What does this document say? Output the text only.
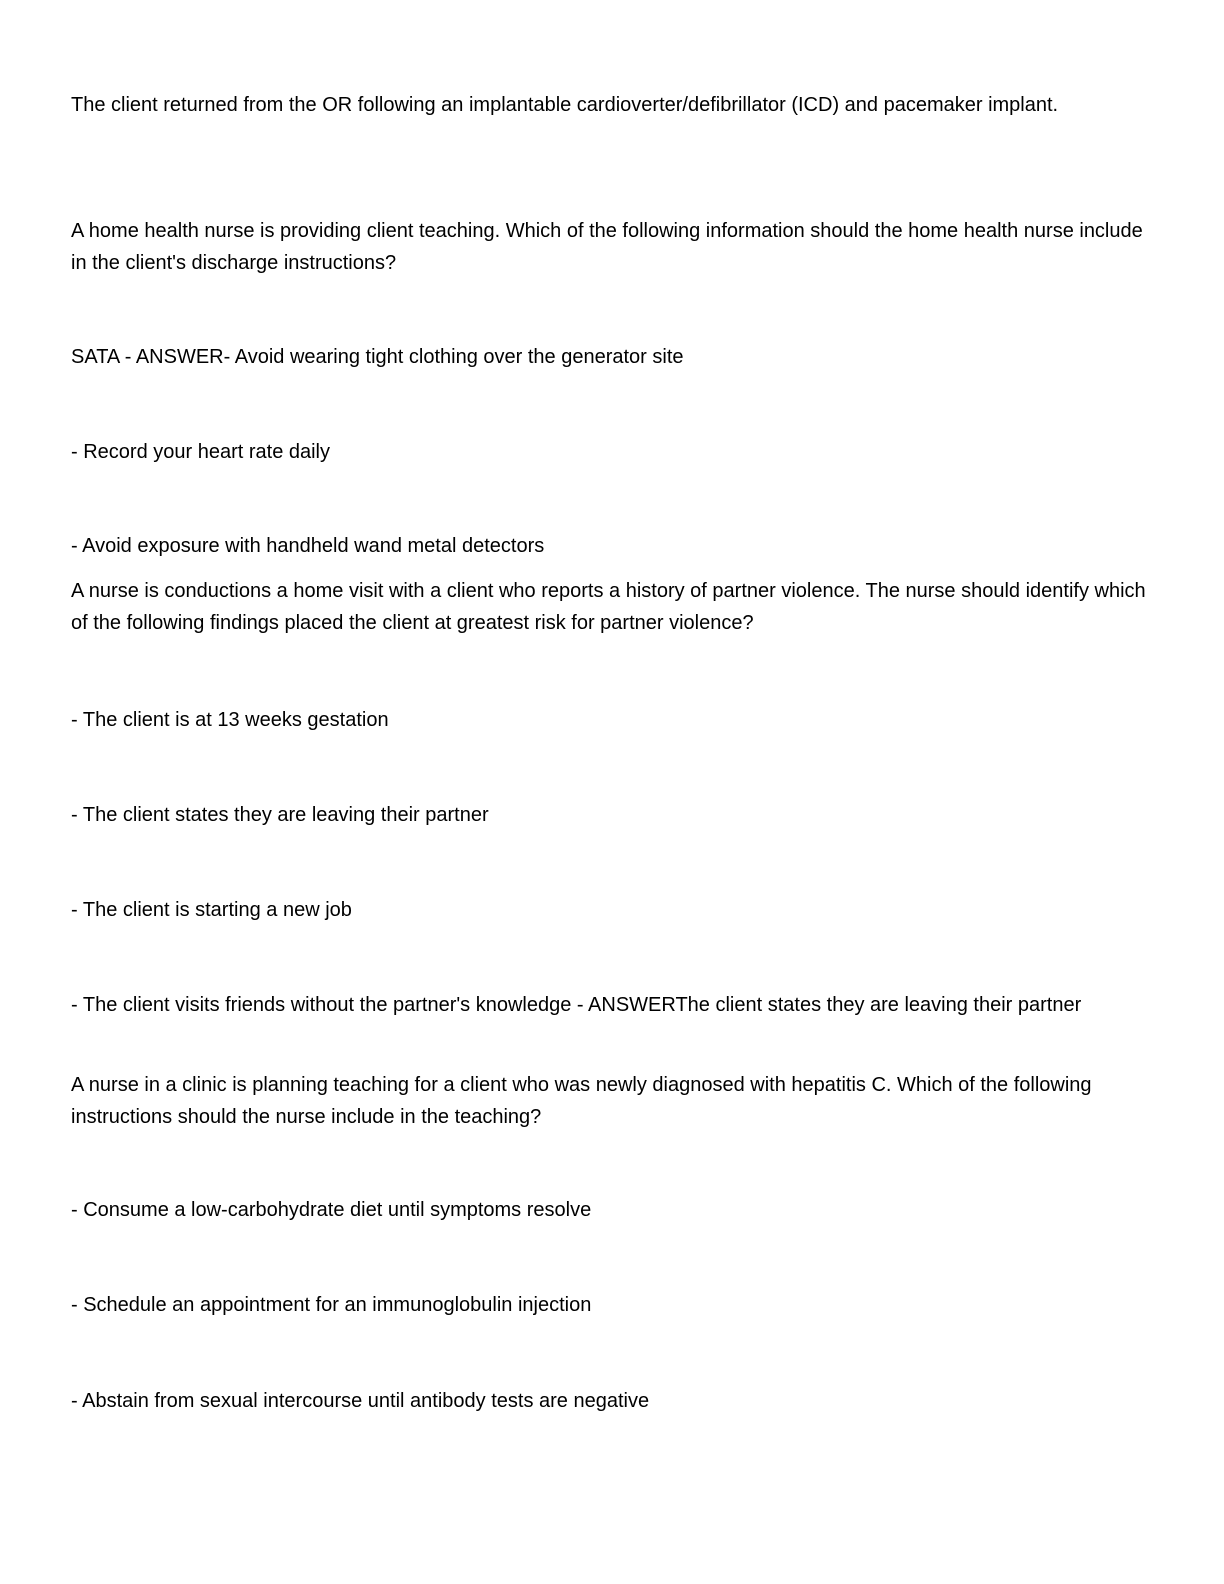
The client returned from the OR following an implantable cardioverter/defibrillator (ICD) and pacemaker implant.

A home health nurse is providing client teaching. Which of the following information should the home health nurse include in the client's discharge instructions?

SATA - ANSWER- Avoid wearing tight clothing over the generator site

- Record your heart rate daily

- Avoid exposure with handheld wand metal detectors

A nurse is conductions a home visit with a client who reports a history of partner violence. The nurse should identify which of the following findings placed the client at greatest risk for partner violence?

- The client is at 13 weeks gestation

- The client states they are leaving their partner

- The client is starting a new job

- The client visits friends without the partner's knowledge - ANSWERThe client states they are leaving their partner

A nurse in a clinic is planning teaching for a client who was newly diagnosed with hepatitis C. Which of the following instructions should the nurse include in the teaching?

- Consume a low-carbohydrate diet until symptoms resolve

- Schedule an appointment for an immunoglobulin injection

- Abstain from sexual intercourse until antibody tests are negative
